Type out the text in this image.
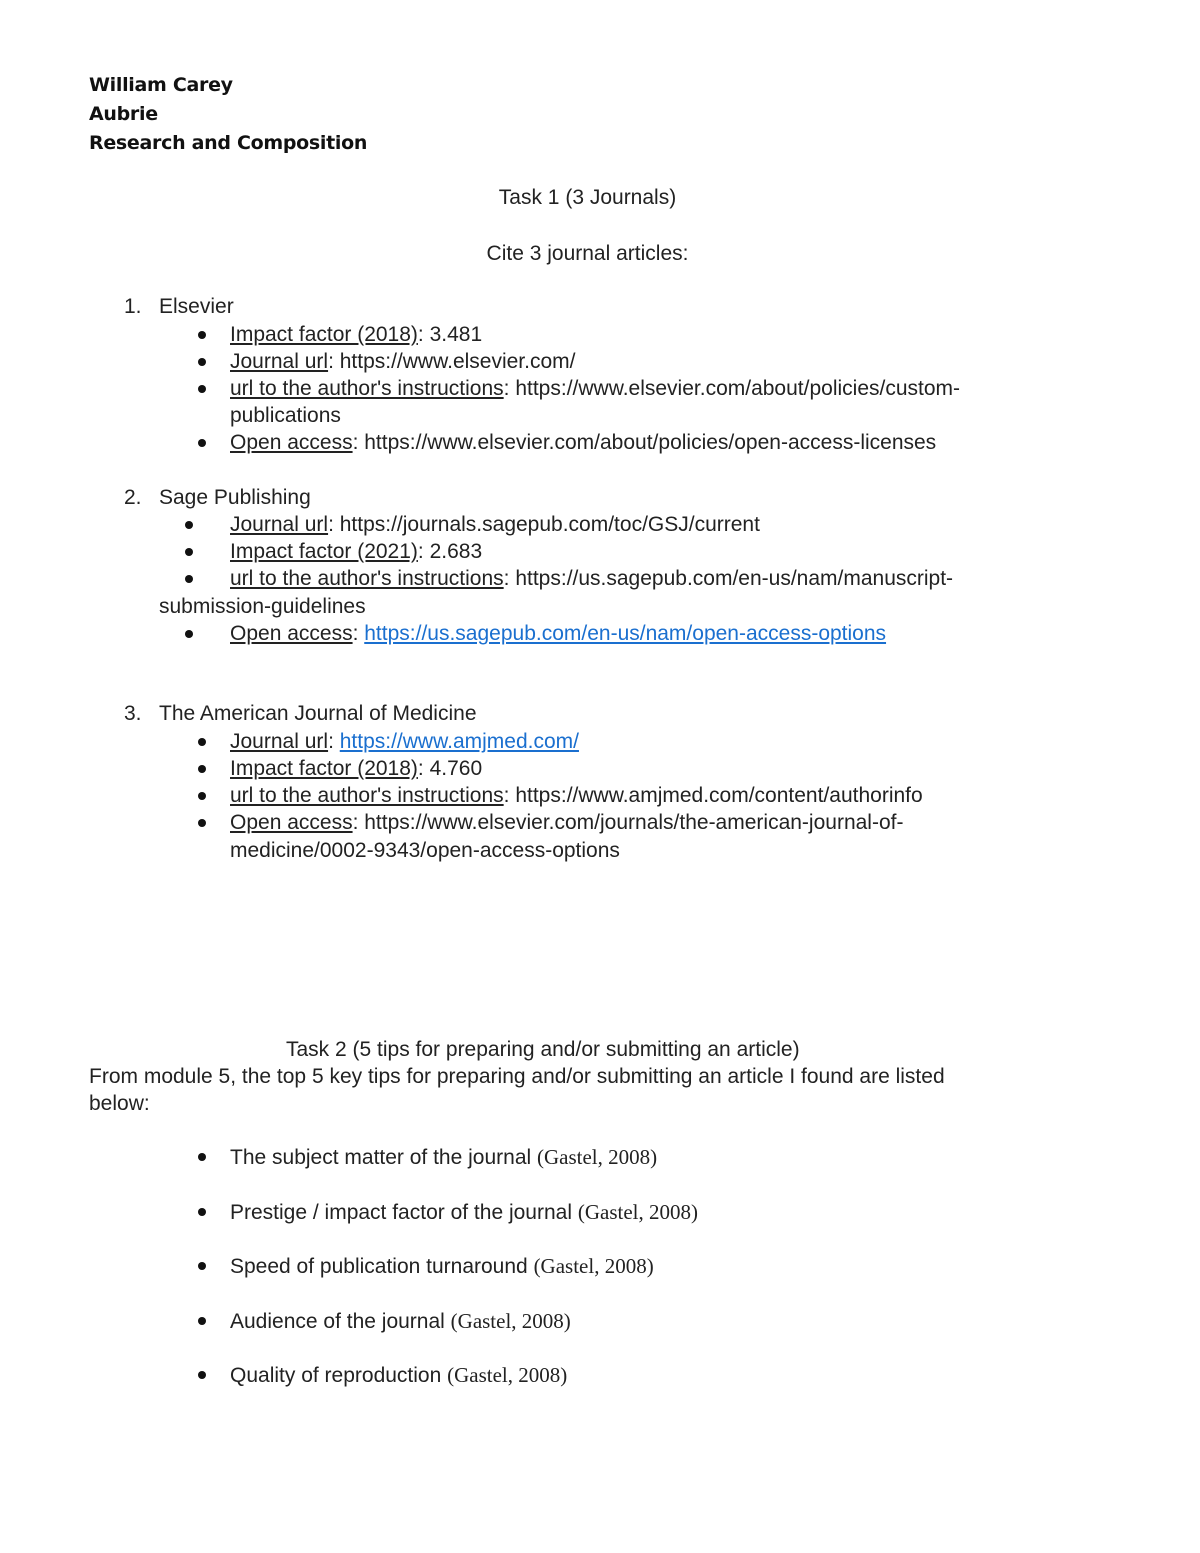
William Carey
Aubrie
Research and Composition
Task 1 (3 Journals)
Cite 3 journal articles:
1. Elsevier
Impact factor (2018): 3.481
Journal url: https://www.elsevier.com/
url to the author's instructions: https://www.elsevier.com/about/policies/custom-
publications
Open access: https://www.elsevier.com/about/policies/open-access-licenses
2. Sage Publishing
Journal url: https://journals.sagepub.com/toc/GSJ/current
Impact factor (2021): 2.683
url to the author's instructions: https://us.sagepub.com/en-us/nam/manuscript-
submission-guidelines
Open access: https://us.sagepub.com/en-us/nam/open-access-options
3. The American Journal of Medicine
Journal url: https://www.amjmed.com/
Impact factor (2018): 4.760
url to the author's instructions: https://www.amjmed.com/content/authorinfo
Open access: https://www.elsevier.com/journals/the-american-journal-of-
medicine/0002-9343/open-access-options
Task 2 (5 tips for preparing and/or submitting an article)
From module 5, the top 5 key tips for preparing and/or submitting an article I found are listed
below:
The subject matter of the journal (Gastel, 2008)
Prestige / impact factor of the journal (Gastel, 2008)
Speed of publication turnaround (Gastel, 2008)
Audience of the journal (Gastel, 2008)
Quality of reproduction (Gastel, 2008)
